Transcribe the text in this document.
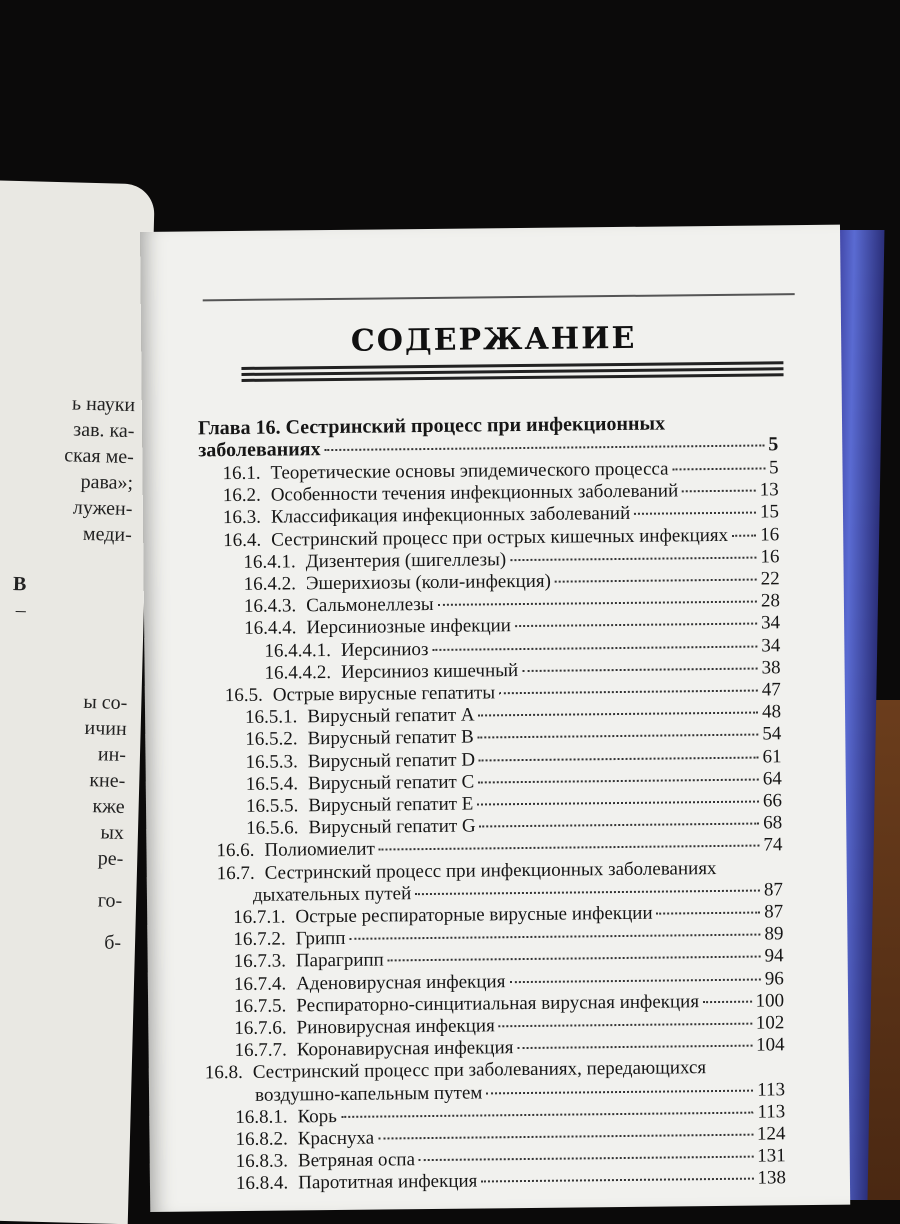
ь науки
зав. ка-
ская ме-
рава»;
лужен-
меди-
В
–
ы со-
ичин
ин-
кне-
кже
ых
ре-
го-
б-
СОДЕРЖАНИЕ
Глава 16. Сестринский процесс при инфекционных
заболеваниях	5
16.1. Теоретические основы эпидемического процесса	5
16.2. Особенности течения инфекционных заболеваний	13
16.3. Классификация инфекционных заболеваний	15
16.4. Сестринский процесс при острых кишечных инфекциях 16
16.4.1. Дизентерия (шигеллезы)	16
16.4.2. Эшерихиозы (коли-инфекция)	22
16.4.3. Сальмонеллезы	28
16.4.4. Иерсиниозные инфекции	34
16.4.4.1. Иерсиниоз	34
16.4.4.2. Иерсиниоз кишечный	38
16.5. Острые вирусные гепатиты	47
16.5.1. Вирусный гепатит А	48
16.5.2. Вирусный гепатит В	54
16.5.3. Вирусный гепатит D	61
16.5.4. Вирусный гепатит С	64
16.5.5. Вирусный гепатит Е	66
16.5.6. Вирусный гепатит G	68
16.6. Полиомиелит	74
16.7. Сестринский процесс при инфекционных заболеваниях
дыхательных путей	87
16.7.1. Острые респираторные вирусные инфекции	87
16.7.2. Грипп	89
16.7.3. Парагрипп	94
16.7.4. Аденовирусная инфекция	96
16.7.5. Респираторно-синцитиальная вирусная инфекция	100
16.7.6. Риновирусная инфекция	102
16.7.7. Коронавирусная инфекция	104
16.8. Сестринский процесс при заболеваниях, передающихся
воздушно-капельным путем	113
16.8.1. Корь	113
16.8.2. Краснуха	124
16.8.3. Ветряная оспа	131
16.8.4. Паротитная инфекция	138
